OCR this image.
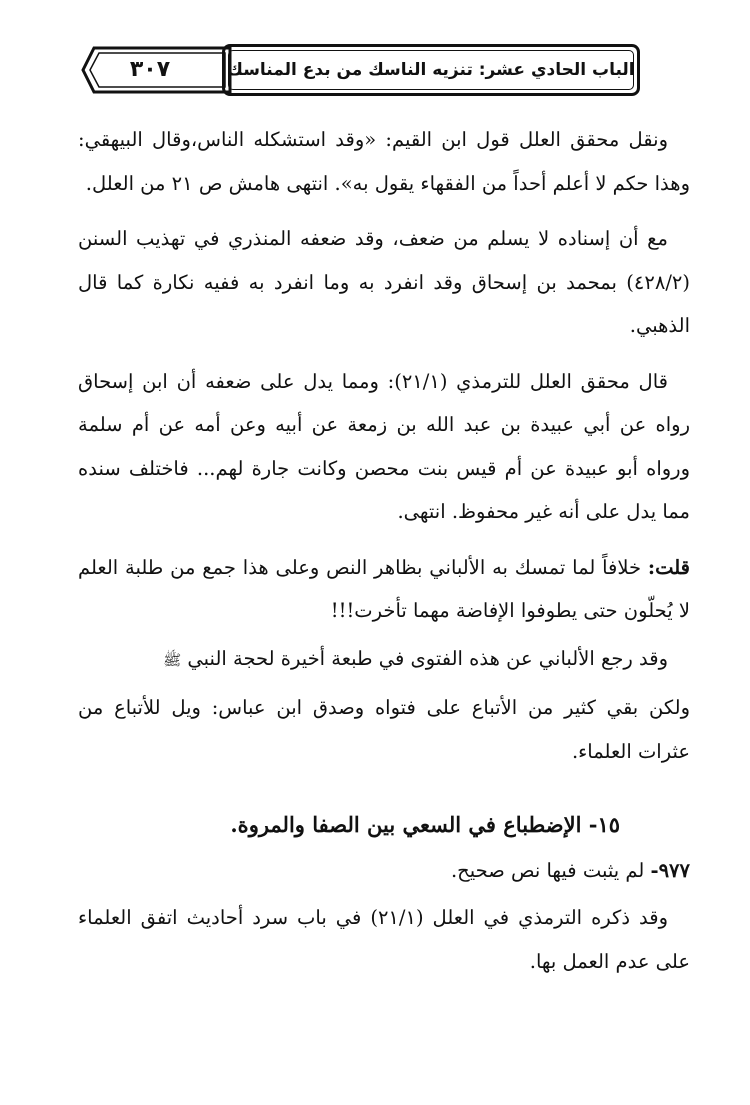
٣٠٧	الباب الحادي عشر: تنزيه الناسك من بدع المناسك

ونقل محقق العلل قول ابن القيم: «وقد استشكله الناس،وقال البيهقي: وهذا حكم لا أعلم أحداً من الفقهاء يقول به». انتهى هامش ص ٢١ من العلل.

مع أن إسناده لا يسلم من ضعف، وقد ضعفه المنذري في تهذيب السنن (٤٢٨/٢) بمحمد بن إسحاق وقد انفرد به وما انفرد به ففيه نكارة كما قال الذهبي.

قال محقق العلل للترمذي (٢١/١): ومما يدل على ضعفه أن ابن إسحاق رواه عن أبي عبيدة بن عبد الله بن زمعة عن أبيه وعن أمه عن أم سلمة ورواه أبو عبيدة عن أم قيس بنت محصن وكانت جارة لهم... فاختلف سنده مما يدل على أنه غير محفوظ. انتهى.

قلت: خلافاً لما تمسك به الألباني بظاهر النص وعلى هذا جمع من طلبة العلم لا يُحلّون حتى يطوفوا الإفاضة مهما تأخرت!!!

وقد رجع الألباني عن هذه الفتوى في طبعة أخيرة لحجة النبي ﷺ

ولكن بقي كثير من الأتباع على فتواه وصدق ابن عباس: ويل للأتباع من عثرات العلماء.

١٥- الإضطباع في السعي بين الصفا والمروة.

٩٧٧- لم يثبت فيها نص صحيح.

وقد ذكره الترمذي في العلل (٢١/١) في باب سرد أحاديث اتفق العلماء على عدم العمل بها.
